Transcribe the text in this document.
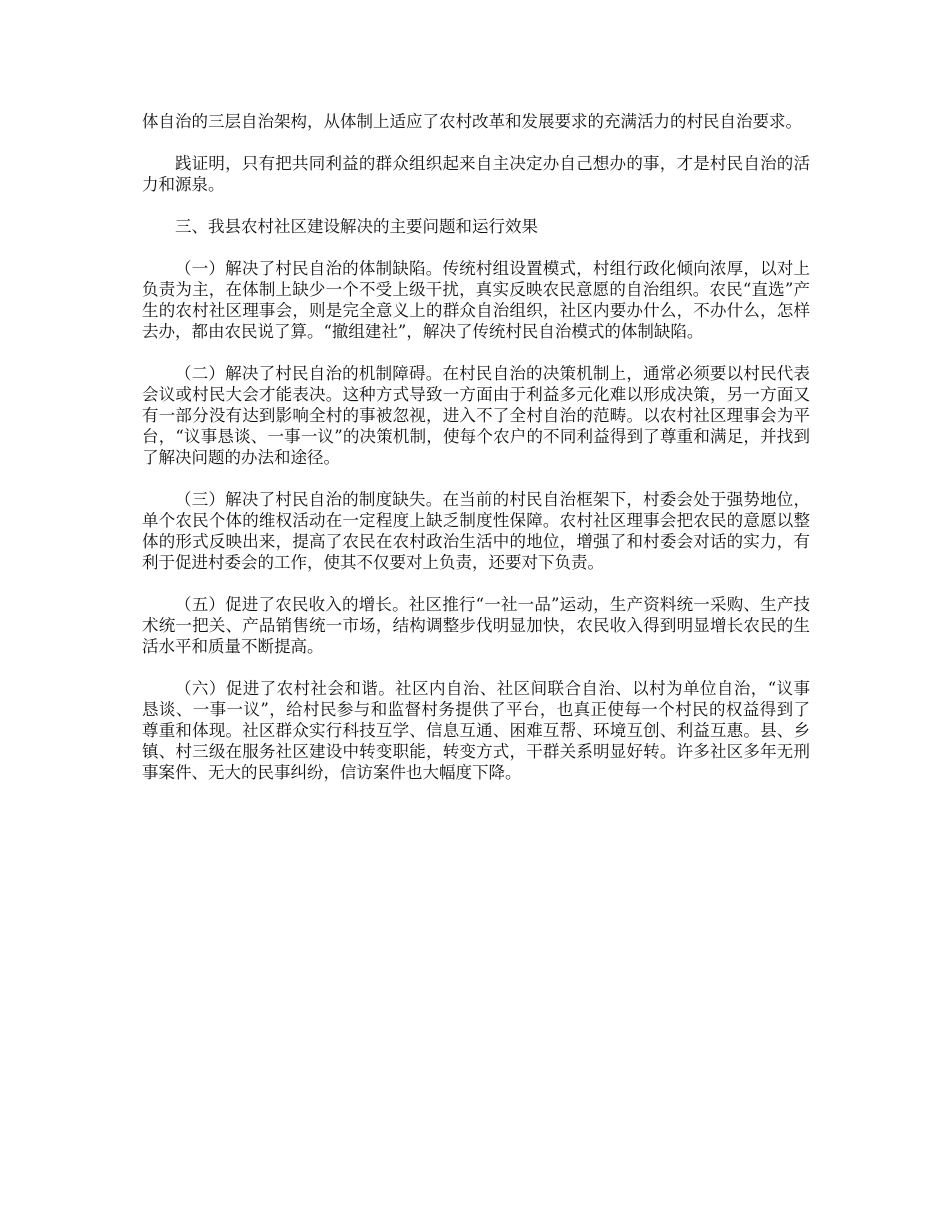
体自治的三层自治架构，从体制上适应了农村改革和发展要求的充满活力的村民自治要求。

践证明，只有把共同利益的群众组织起来自主决定办自己想办的事，才是村民自治的活力和源泉。

三、我县农村社区建设解决的主要问题和运行效果

（一）解决了村民自治的体制缺陷。传统村组设置模式，村组行政化倾向浓厚，以对上负责为主，在体制上缺少一个不受上级干扰，真实反映农民意愿的自治组织。农民“直选”产生的农村社区理事会，则是完全意义上的群众自治组织，社区内要办什么，不办什么，怎样去办，都由农民说了算。“撤组建社”，解决了传统村民自治模式的体制缺陷。

（二）解决了村民自治的机制障碍。在村民自治的决策机制上，通常必须要以村民代表会议或村民大会才能表决。这种方式导致一方面由于利益多元化难以形成决策，另一方面又有一部分没有达到影响全村的事被忽视，进入不了全村自治的范畴。以农村社区理事会为平台，“议事恳谈、一事一议”的决策机制，使每个农户的不同利益得到了尊重和满足，并找到了解决问题的办法和途径。

（三）解决了村民自治的制度缺失。在当前的村民自治框架下，村委会处于强势地位，单个农民个体的维权活动在一定程度上缺乏制度性保障。农村社区理事会把农民的意愿以整体的形式反映出来，提高了农民在农村政治生活中的地位，增强了和村委会对话的实力，有利于促进村委会的工作，使其不仅要对上负责，还要对下负责。

（五）促进了农民收入的增长。社区推行“一社一品”运动，生产资料统一采购、生产技术统一把关、产品销售统一市场，结构调整步伐明显加快，农民收入得到明显增长农民的生活水平和质量不断提高。

（六）促进了农村社会和谐。社区内自治、社区间联合自治、以村为单位自治，“议事恳谈、一事一议”，给村民参与和监督村务提供了平台，也真正使每一个村民的权益得到了尊重和体现。社区群众实行科技互学、信息互通、困难互帮、环境互创、利益互惠。县、乡镇、村三级在服务社区建设中转变职能，转变方式，干群关系明显好转。许多社区多年无刑事案件、无大的民事纠纷，信访案件也大幅度下降。
